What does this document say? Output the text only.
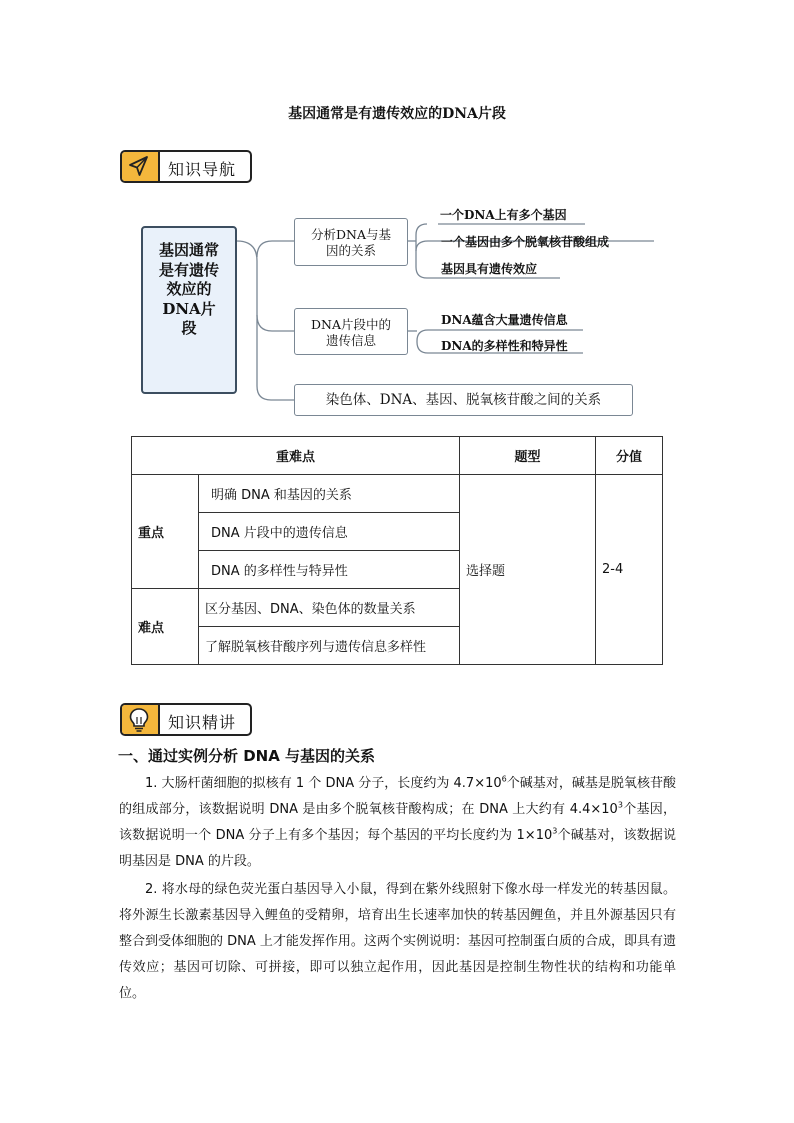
基因通常是有遗传效应的DNA片段
知识导航
基因通常是有遗传效应的DNA片段
分析DNA与基因的关系
一个DNA上有多个基因
一个基因由多个脱氧核苷酸组成
基因具有遗传效应
DNA片段中的遗传信息
DNA蕴含大量遗传信息
DNA的多样性和特异性
染色体、DNA、基因、脱氧核苷酸之间的关系
重难点		题型	分值
重点	明确 DNA 和基因的关系	选择题	2-4
	DNA 片段中的遗传信息		
	DNA 的多样性与特异性		
难点	区分基因、DNA、染色体的数量关系		
	了解脱氧核苷酸序列与遗传信息多样性		
知识精讲
一、通过实例分析 DNA 与基因的关系
1. 大肠杆菌细胞的拟核有 1 个 DNA 分子，长度约为 $4.7\times 10^6$个碱基对，碱基是脱氧核苷酸的组成部分，该数据说明 DNA 是由多个脱氧核苷酸构成；在 DNA 上大约有 $4.4\times 10^3$个基因，该数据说明一个 DNA 分子上有多个基因；每个基因的平均长度约为 $1\times 10^3$个碱基对，该数据说明基因是 DNA 的片段。
2. 将水母的绿色荧光蛋白基因导入小鼠，得到在紫外线照射下像水母一样发光的转基因鼠。将外源生长激素基因导入鲤鱼的受精卵，培育出生长速率加快的转基因鲤鱼，并且外源基因只有整合到受体细胞的 DNA 上才能发挥作用。这两个实例说明：基因可控制蛋白质的合成，即具有遗传效应；基因可切除、可拼接，即可以独立起作用，因此基因是控制生物性状的结构和功能单位。
